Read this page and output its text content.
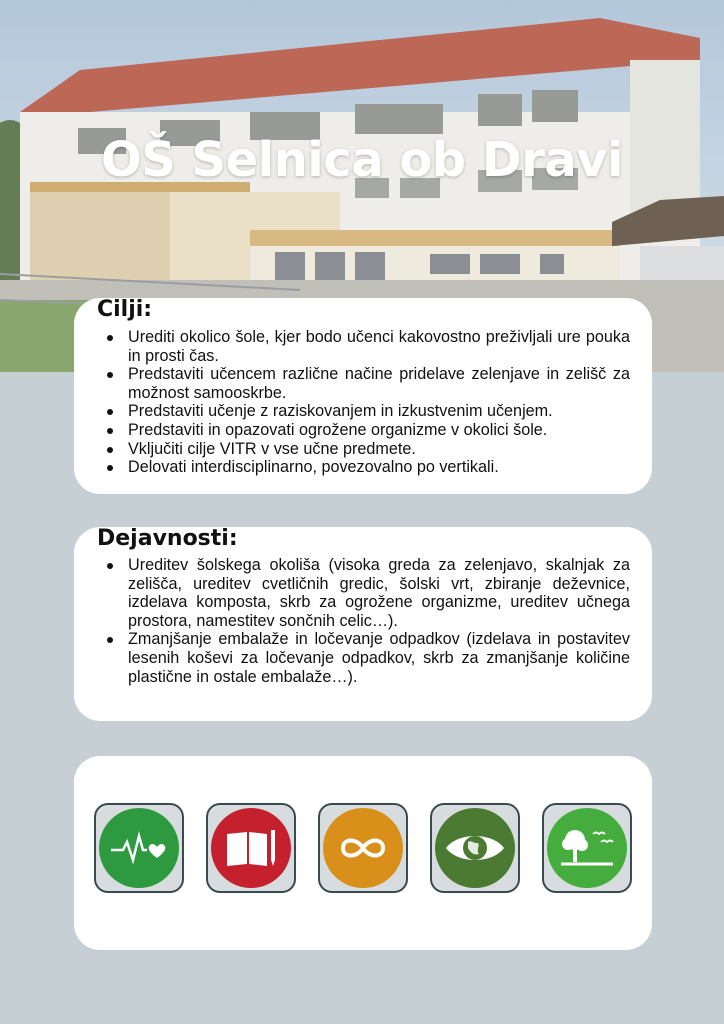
OŠ Selnica ob Dravi
Cilji:
Urediti okolico šole, kjer bodo učenci kakovostno preživljali ure pouka in prosti čas.
Predstaviti učencem različne načine pridelave zelenjave in zelišč za možnost samooskrbe.
Predstaviti učenje z raziskovanjem in izkustvenim učenjem.
Predstaviti in opazovati ogrožene organizme v okolici šole.
Vključiti cilje VITR v vse učne predmete.
Delovati interdisciplinarno, povezovalno po vertikali.
Dejavnosti:
Ureditev šolskega okoliša (visoka greda za zelenjavo, skalnjak za zelišča, ureditev cvetličnih gredic, šolski vrt, zbiranje deževnice, izdelava komposta, skrb za ogrožene organizme, ureditev učnega prostora, namestitev sončnih celic…).
Zmanjšanje embalaže in ločevanje odpadkov (izdelava in postavitev lesenih koševi za ločevanje odpadkov, skrb za zmanjšanje količine plastične in ostale embalaže…).
